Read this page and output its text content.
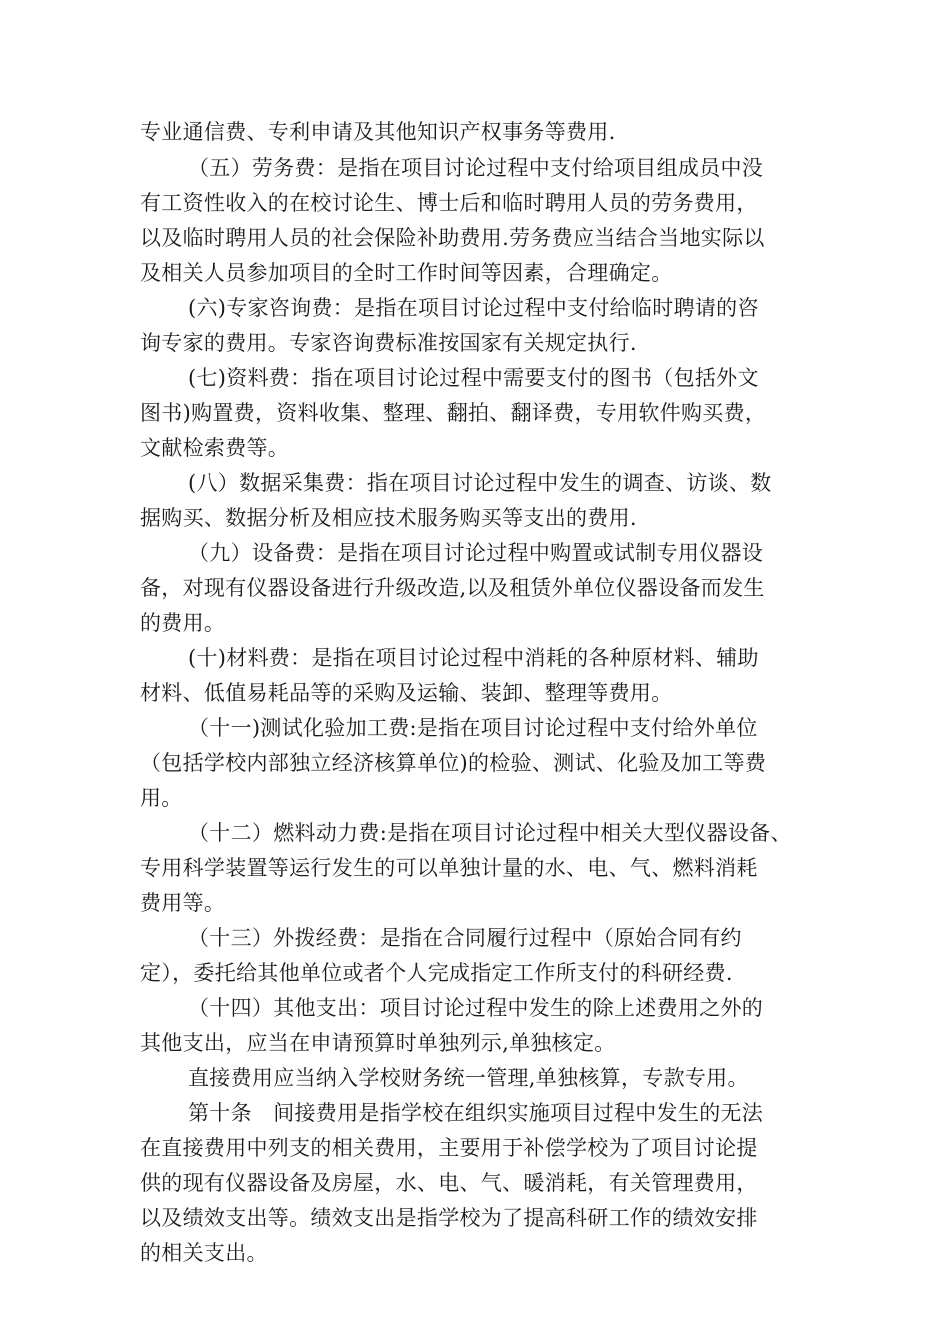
专业通信费、专利申请及其他知识产权事务等费用.
（五）劳务费：是指在项目讨论过程中支付给项目组成员中没
有工资性收入的在校讨论生、博士后和临时聘用人员的劳务费用，
以及临时聘用人员的社会保险补助费用.劳务费应当结合当地实际以
及相关人员参加项目的全时工作时间等因素，合理确定。
(六)专家咨询费：是指在项目讨论过程中支付给临时聘请的咨
询专家的费用。专家咨询费标准按国家有关规定执行.
(七)资料费：指在项目讨论过程中需要支付的图书（包括外文
图书)购置费，资料收集、整理、翻拍、翻译费，专用软件购买费，
文献检索费等。
(八）数据采集费：指在项目讨论过程中发生的调查、访谈、数
据购买、数据分析及相应技术服务购买等支出的费用.
（九）设备费：是指在项目讨论过程中购置或试制专用仪器设
备，对现有仪器设备进行升级改造,以及租赁外单位仪器设备而发生
的费用。
(十)材料费：是指在项目讨论过程中消耗的各种原材料、辅助
材料、低值易耗品等的采购及运输、装卸、整理等费用。
（十一)测试化验加工费:是指在项目讨论过程中支付给外单位
（包括学校内部独立经济核算单位)的检验、测试、化验及加工等费
用。
（十二）燃料动力费:是指在项目讨论过程中相关大型仪器设备、
专用科学装置等运行发生的可以单独计量的水、电、气、燃料消耗
费用等。
（十三）外拨经费：是指在合同履行过程中（原始合同有约
定），委托给其他单位或者个人完成指定工作所支付的科研经费.
（十四）其他支出：项目讨论过程中发生的除上述费用之外的
其他支出，应当在申请预算时单独列示,单独核定。
直接费用应当纳入学校财务统一管理,单独核算，专款专用。
第十条　间接费用是指学校在组织实施项目过程中发生的无法
在直接费用中列支的相关费用，主要用于补偿学校为了项目讨论提
供的现有仪器设备及房屋，水、电、气、暖消耗，有关管理费用，
以及绩效支出等。绩效支出是指学校为了提高科研工作的绩效安排
的相关支出。
